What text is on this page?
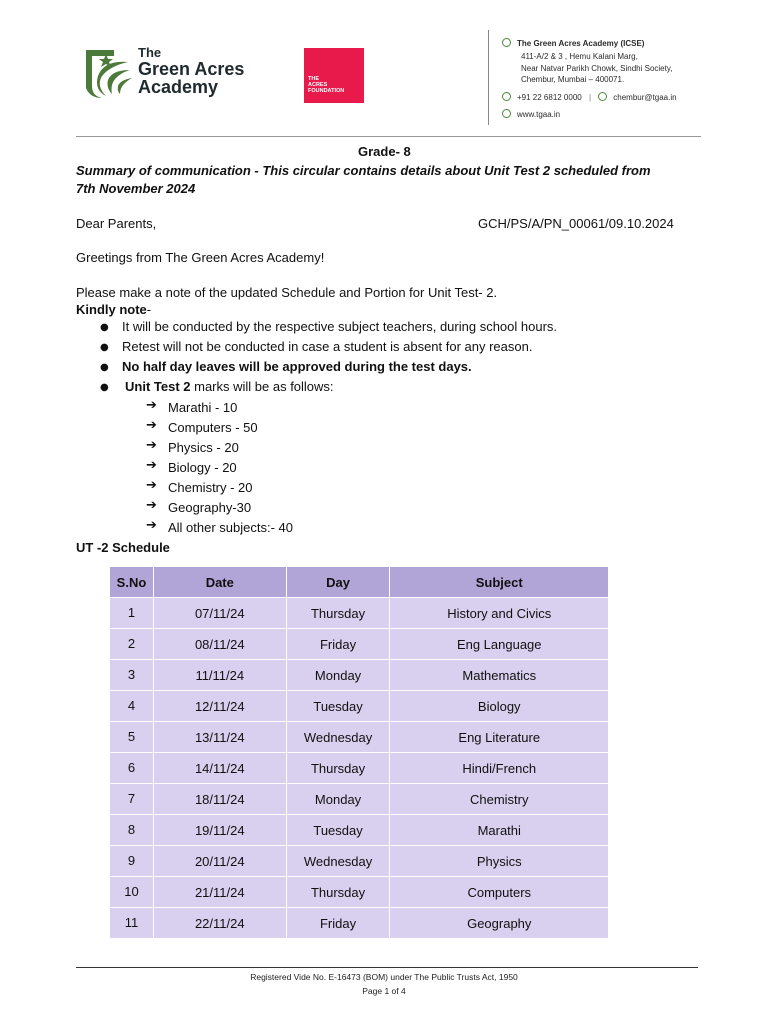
The
Green Acres
Academy	THE
ACRES
FOUNDATION
The Green Acres Academy (ICSE)
411-A/2 & 3 , Hemu Kalani Marg,
Near Natvar Parikh Chowk, Sindhi Society,
Chembur, Mumbai – 400071.
+91 22 6812 0000 |	chembur@tgaa.in
www.tgaa.in
Grade- 8
Summary of communication - This circular contains details about Unit Test 2 scheduled from
7th November 2024
Dear Parents,	GCH/PS/A/PN_00061/09.10.2024
Greetings from The Green Acres Academy!
Please make a note of the updated Schedule and Portion for Unit Test- 2.
Kindly note-
● It will be conducted by the respective subject teachers, during school hours.
● Retest will not be conducted in case a student is absent for any reason.
● No half day leaves will be approved during the test days.
● Unit Test 2 marks will be as follows:
➔ Marathi - 10
➔ Computers - 50
➔ Physics - 20
➔ Biology - 20
➔ Chemistry - 20
➔ Geography-30
➔ All other subjects:- 40
UT -2 Schedule
S.No	Date	Day	Subject
1	07/11/24	Thursday	History and Civics
2	08/11/24	Friday	Eng Language
3	11/11/24	Monday	Mathematics
4	12/11/24	Tuesday	Biology
5	13/11/24	Wednesday	Eng Literature
6	14/11/24	Thursday	Hindi/French
7	18/11/24	Monday	Chemistry
8	19/11/24	Tuesday	Marathi
9	20/11/24	Wednesday	Physics
10	21/11/24	Thursday	Computers
11	22/11/24	Friday	Geography
Registered Vide No. E-16473 (BOM) under The Public Trusts Act, 1950
Page 1 of 4
